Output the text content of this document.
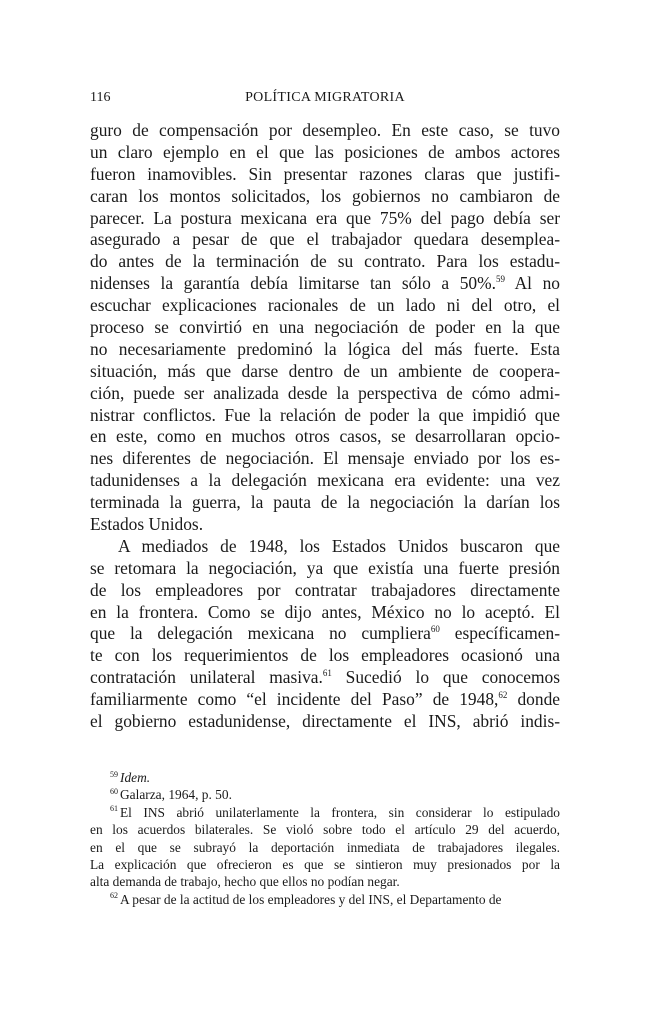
116	POLÍTICA MIGRATORIA
guro de compensación por desempleo. En este caso, se tuvo
un claro ejemplo en el que las posiciones de ambos actores
fueron inamovibles. Sin presentar razones claras que justifi-
caran los montos solicitados, los gobiernos no cambiaron de
parecer. La postura mexicana era que 75% del pago debía ser
asegurado a pesar de que el trabajador quedara desemplea-
do antes de la terminación de su contrato. Para los estadu-
nidenses la garantía debía limitarse tan sólo a 50%.$^{59}$ Al no
escuchar explicaciones racionales de un lado ni del otro, el
proceso se convirtió en una negociación de poder en la que
no necesariamente predominó la lógica del más fuerte. Esta
situación, más que darse dentro de un ambiente de coopera-
ción, puede ser analizada desde la perspectiva de cómo admi-
nistrar conflictos. Fue la relación de poder la que impidió que
en este, como en muchos otros casos, se desarrollaran opcio-
nes diferentes de negociación. El mensaje enviado por los es-
tadunidenses a la delegación mexicana era evidente: una vez
terminada la guerra, la pauta de la negociación la darían los
Estados Unidos.
A mediados de 1948, los Estados Unidos buscaron que
se retomara la negociación, ya que existía una fuerte presión
de los empleadores por contratar trabajadores directamente
en la frontera. Como se dijo antes, México no lo aceptó. El
que la delegación mexicana no cumpliera$^{60}$ específicamen-
te con los requerimientos de los empleadores ocasionó una
contratación unilateral masiva.$^{61}$ Sucedió lo que conocemos
familiarmente como “el incidente del Paso” de 1948,62 donde
el gobierno estadunidense, directamente el INS, abrió indis-
$^{59}$ Idem.
$^{60}$ Galarza, 1964, p. 50.
$^{61}$ El INS abrió unilaterlamente la frontera, sin considerar lo estipulado
en los acuerdos bilaterales. Se violó sobre todo el artículo 29 del acuerdo,
en el que se subrayó la deportación inmediata de trabajadores ilegales.
La explicación que ofrecieron es que se sintieron muy presionados por la
alta demanda de trabajo, hecho que ellos no podían negar.
$^{62}$ A pesar de la actitud de los empleadores y del INS, el Departamento de
